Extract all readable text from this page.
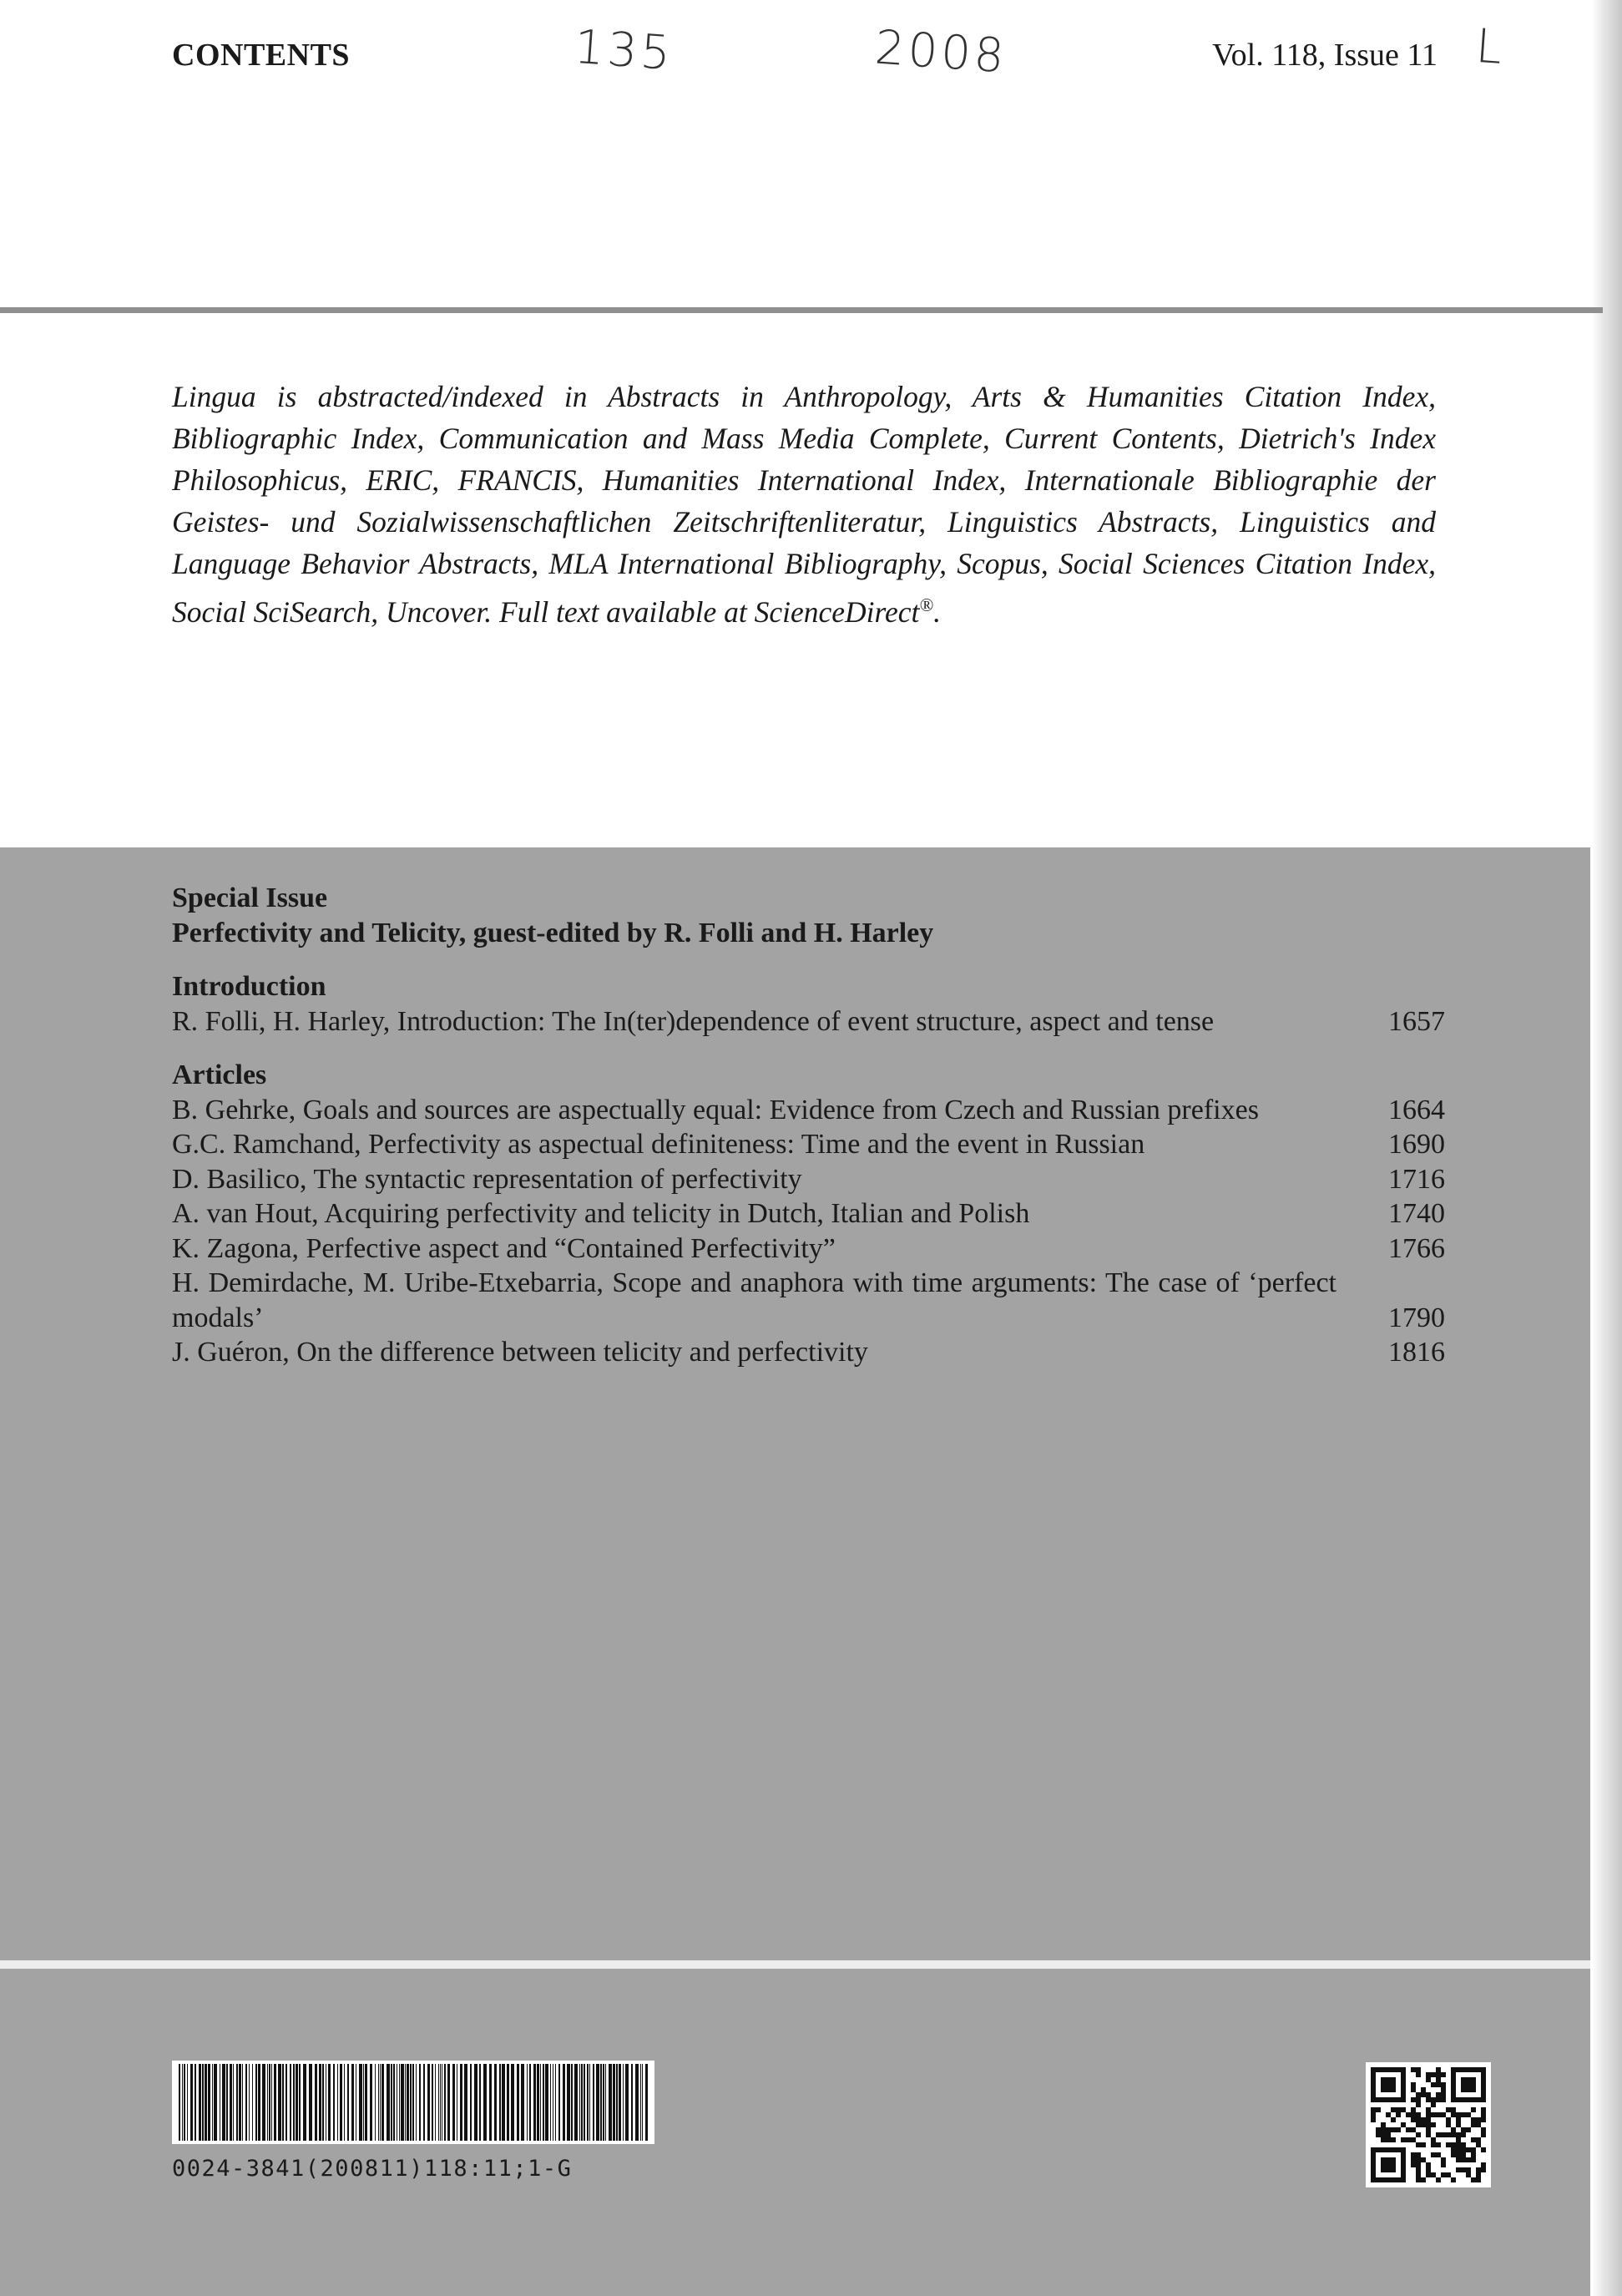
CONTENTS	Vol. 118, Issue 11
135	2008	L
Lingua is abstracted/indexed in Abstracts in Anthropology, Arts & Humanities Citation Index, Bibliographic Index, Communication and Mass Media Complete, Current Contents, Dietrich's Index Philosophicus, ERIC, FRANCIS, Humanities International Index, Internationale Bibliographie der Geistes- und Sozialwissenschaftlichen Zeitschriftenliteratur, Linguistics Abstracts, Linguistics and Language Behavior Abstracts, MLA International Bibliography, Scopus, Social Sciences Citation Index, Social SciSearch, Uncover. Full text available at ScienceDirect®.
Special Issue
Perfectivity and Telicity, guest-edited by R. Folli and H. Harley
Introduction
R. Folli, H. Harley, Introduction: The In(ter)dependence of event structure, aspect and tense	1657
Articles
B. Gehrke, Goals and sources are aspectually equal: Evidence from Czech and Russian prefixes	1664
G.C. Ramchand, Perfectivity as aspectual definiteness: Time and the event in Russian	1690
D. Basilico, The syntactic representation of perfectivity	1716
A. van Hout, Acquiring perfectivity and telicity in Dutch, Italian and Polish	1740
K. Zagona, Perfective aspect and “Contained Perfectivity”	1766
H. Demirdache, M. Uribe-Etxebarria, Scope and anaphora with time arguments: The case of ‘perfect modals’	1790
J. Guéron, On the difference between telicity and perfectivity	1816
0024-3841(200811)118:11;1-G
